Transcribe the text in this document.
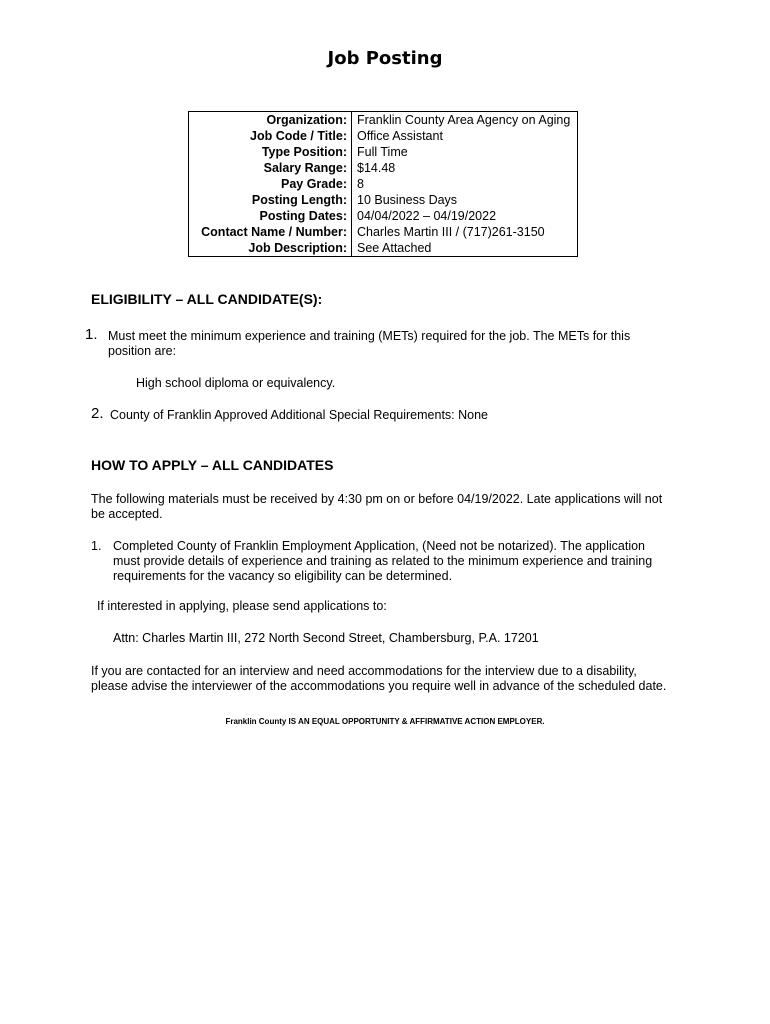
Job Posting
Organization:	Franklin County Area Agency on Aging
Job Code / Title:	Office Assistant
Type Position:	Full Time
Salary Range:	$14.48
Pay Grade:	8
Posting Length:	10 Business Days
Posting Dates:	04/04/2022 – 04/19/2022
Contact Name / Number:	Charles Martin III / (717)261-3150
Job Description:	See Attached
ELIGIBILITY – ALL CANDIDATE(S):
1. Must meet the minimum experience and training (METs) required for the job. The METs for this
position are:
High school diploma or equivalency.
2. County of Franklin Approved Additional Special Requirements: None
HOW TO APPLY – ALL CANDIDATES
The following materials must be received by 4:30 pm on or before 04/19/2022. Late applications will not
be accepted.
1. Completed County of Franklin Employment Application, (Need not be notarized). The application
must provide details of experience and training as related to the minimum experience and training
requirements for the vacancy so eligibility can be determined.
If interested in applying, please send applications to:
Attn: Charles Martin III, 272 North Second Street, Chambersburg, P.A. 17201
If you are contacted for an interview and need accommodations for the interview due to a disability,
please advise the interviewer of the accommodations you require well in advance of the scheduled date.
Franklin County IS AN EQUAL OPPORTUNITY & AFFIRMATIVE ACTION EMPLOYER.
